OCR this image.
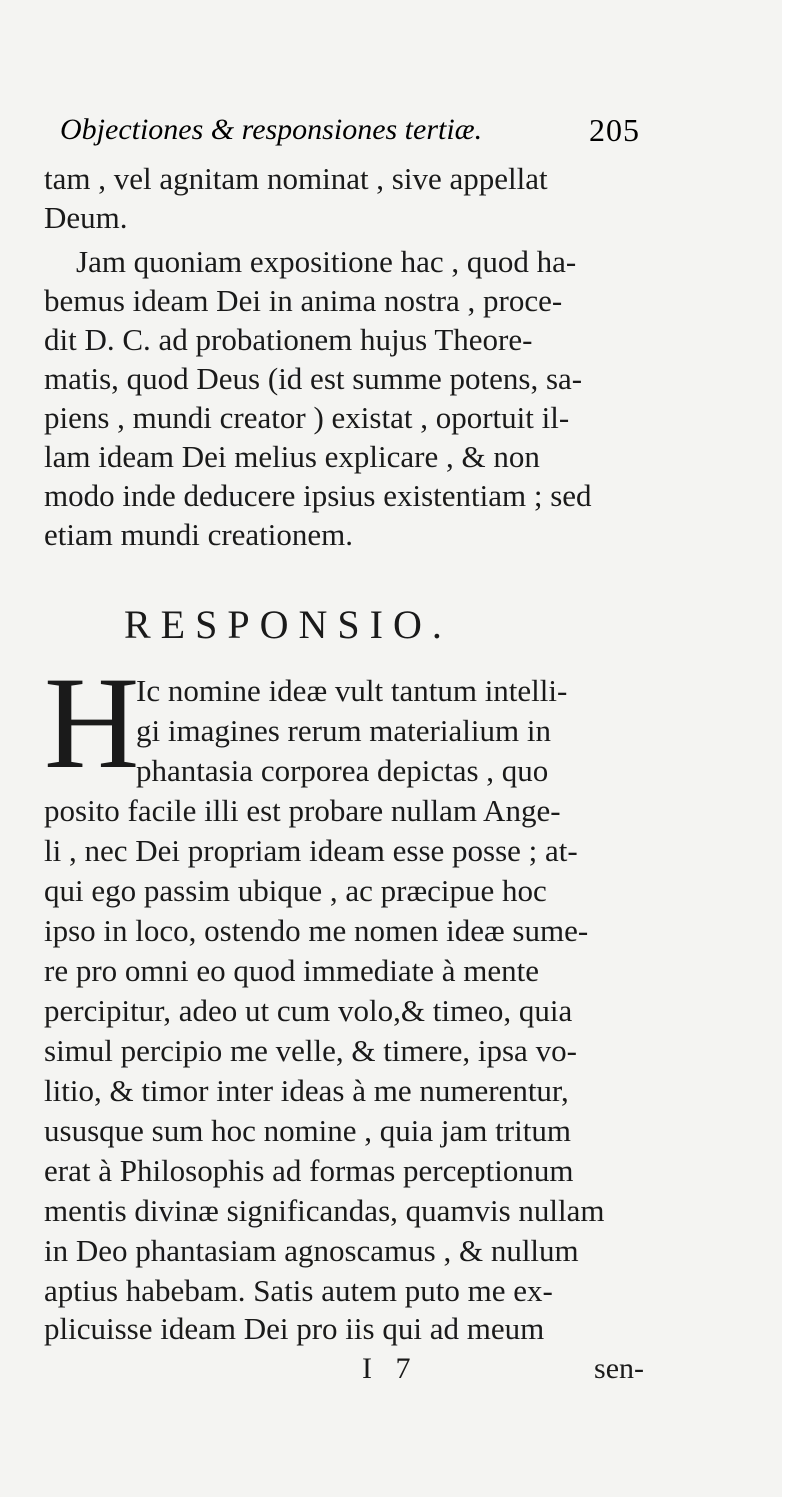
Objectiones & responsiones tertiæ.	205
tam , vel agnitam nominat , sive appellat
Deum.
Jam quoniam expositione hac , quod ha-
bemus ideam Dei in anima nostra , proce-
dit D. C. ad probationem hujus Theore-
matis, quod Deus (id est summe potens, sa-
piens , mundi creator ) existat , oportuit il-
lam ideam Dei melius explicare , & non
modo inde deducere ipsius existentiam ; sed
etiam mundi creationem.
RESPONSIO.
H
Ic nomine ideæ vult tantum intelli-
gi imagines rerum materialium in
phantasia corporea depictas , quo
posito facile illi est probare nullam Ange-
li , nec Dei propriam ideam esse posse ; at-
qui ego passim ubique , ac præcipue hoc
ipso in loco, ostendo me nomen ideæ sume-
re pro omni eo quod immediate à mente
percipitur, adeo ut cum volo,& timeo, quia
simul percipio me velle, & timere, ipsa vo-
litio, & timor inter ideas à me numerentur,
ususque sum hoc nomine , quia jam tritum
erat à Philosophis ad formas perceptionum
mentis divinæ significandas, quamvis nullam
in Deo phantasiam agnoscamus , & nullum
aptius habebam. Satis autem puto me ex-
plicuisse ideam Dei pro iis qui ad meum
I 7	sen-
